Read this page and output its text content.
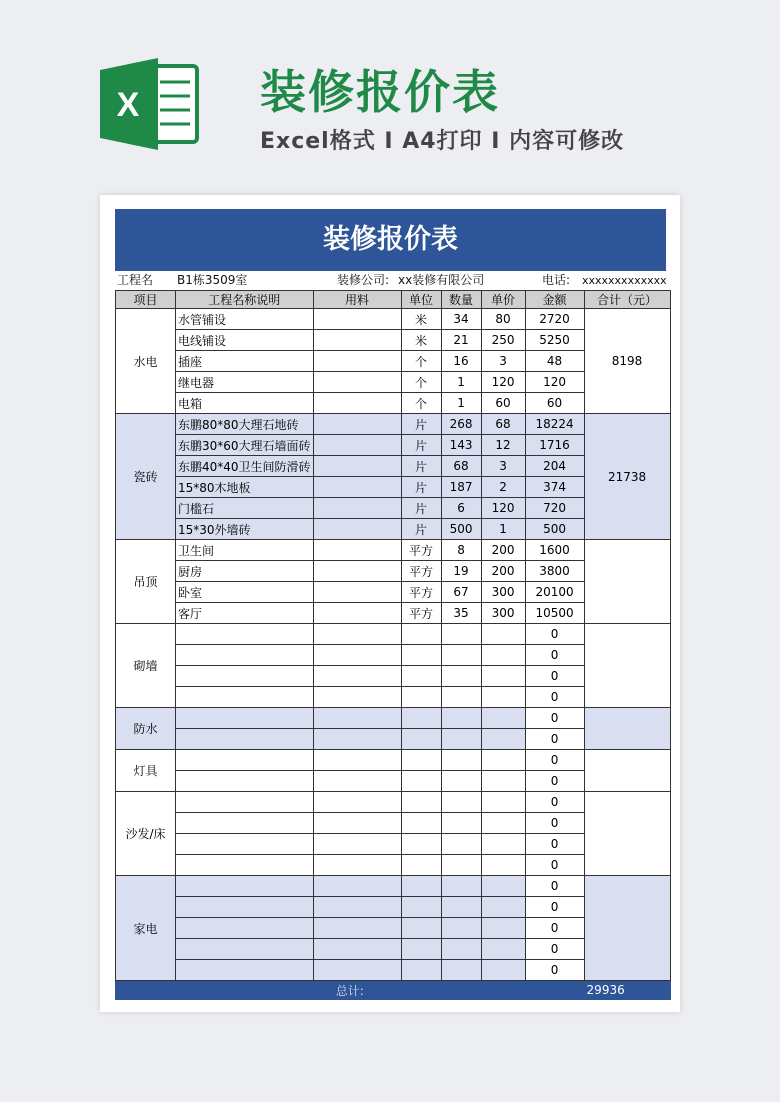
X	装修报价表
Excel格式 I A4打印 I 内容可修改
装修报价表
工程名 B1栋3509室	装修公司: xx装修有限公司	电话: xxxxxxxxxxxxx
项目	工程名称说明	用料	单位	数量	单价	金额	合计（元）
水电	水管铺设		米	34	80	2720	8198
	电线铺设		米	21	250	5250	
	插座		个	16	3	48	
	继电器		个	1	120	120	
	电箱		个	1	60	60	
瓷砖	东鹏80*80大理石地砖		片	268	68	18224	21738
	东鹏30*60大理石墙面砖		片	143	12	1716	
	东鹏40*40卫生间防滑砖		片	68	3	204	
	15*80木地板		片	187	2	374	
	门槛石		片	6	120	720	
	15*30外墙砖		片	500	1	500	
吊顶	卫生间		平方	8	200	1600	
	厨房		平方	19	200	3800	
	卧室		平方	67	300	20100	
	客厅		平方	35	300	10500	
砌墙						0	
						0	
						0	
						0	
防水						0	
						0	
灯具						0	
						0	
沙发/床						0	
						0	
						0	
						0	
家电						0	
						0	
						0	
						0	
						0	
总计:							29936
